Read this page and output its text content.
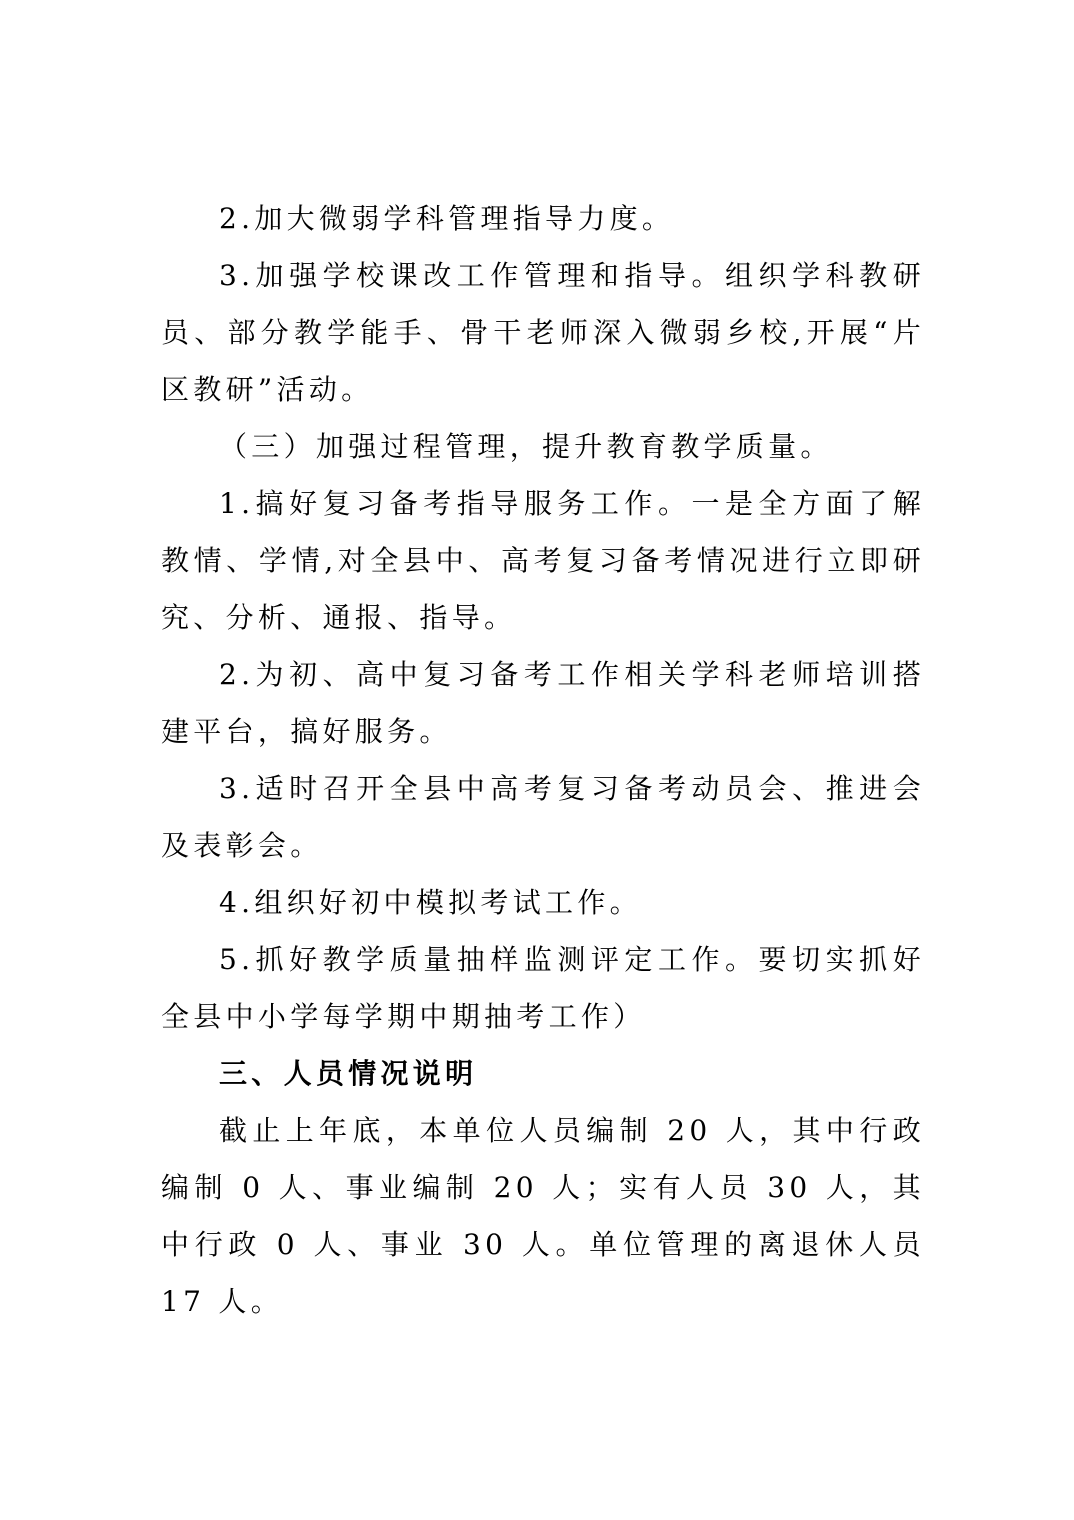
2.加大微弱学科管理指导力度。

3.加强学校课改工作管理和指导。组织学科教研员、部分教学能手、骨干老师深入微弱乡校,开展“片区教研”活动。

（三）加强过程管理，提升教育教学质量。

1.搞好复习备考指导服务工作。一是全方面了解教情、学情,对全县中、高考复习备考情况进行立即研究、分析、通报、指导。

2.为初、高中复习备考工作相关学科老师培训搭建平台，搞好服务。

3.适时召开全县中高考复习备考动员会、推进会及表彰会。

4.组织好初中模拟考试工作。

5.抓好教学质量抽样监测评定工作。要切实抓好全县中小学每学期中期抽考工作）

三、人员情况说明

截止上年底，本单位人员编制 20 人，其中行政编制 0 人、事业编制 20 人；实有人员 30 人，其中行政 0 人、事业 30 人。单位管理的离退休人员 17 人。
